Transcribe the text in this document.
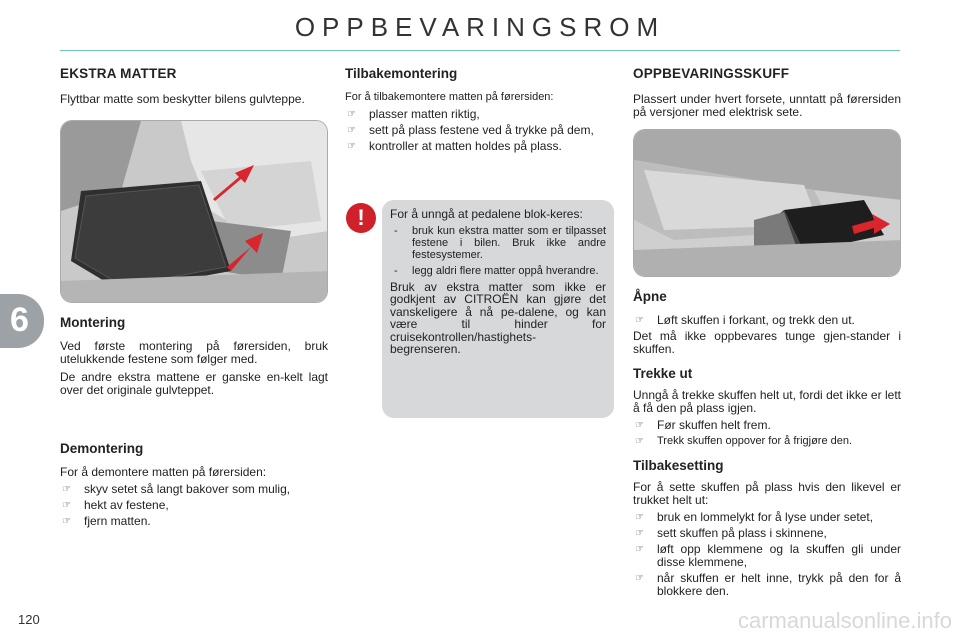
OPPBEVARINGSROM
6
EKSTRA MATTER

Flyttbar matte som beskytter bilens gulvteppe.

Montering

Ved første montering på førersiden, bruk utelukkende festene som følger med.

De andre ekstra mattene er ganske en-kelt lagt over det originale gulvteppet.

Demontering

For å demontere matten på førersiden:

☞ skyv setet så langt bakover som mulig,
☞ hekt av festene,
☞ fjern matten.
Tilbakemontering

For å tilbakemontere matten på førersiden:

☞ plasser matten riktig,
☞ sett på plass festene ved å trykke på dem,
☞ kontroller at matten holdes på plass.
!	For å unngå at pedalene blok-keres:

- bruk kun ekstra matter som er tilpasset festene i bilen. Bruk ikke andre festesystemer.
- legg aldri flere matter oppå hverandre.

Bruk av ekstra matter som ikke er godkjent av CITROËN kan gjøre det vanskeligere å nå pe-dalene, og kan være til hinder for cruisekontrollen/hastighets-begrenseren.

OPPBEVARINGSSKUFF

Plassert under hvert forsete, unntatt på førersiden på versjoner med elektrisk sete.

Åpne
☞ Løft skuffen i forkant, og trekk den ut.

Det må ikke oppbevares tunge gjen-stander i skuffen.

Trekke ut

Unngå å trekke skuffen helt ut, fordi det ikke er lett å få den på plass igjen.

☞ Før skuffen helt frem.
☞ Trekk skuffen oppover for å frigjøre den.
Tilbakesetting

For å sette skuffen på plass hvis den likevel er trukket helt ut:

☞ bruk en lommelykt for å lyse under setet,
☞ sett skuffen på plass i skinnene,
☞ løft opp klemmene og la skuffen gli under disse klemmene,
☞ når skuffen er helt inne, trykk på den for å blokkere den.
120	carmanualsonline.info
